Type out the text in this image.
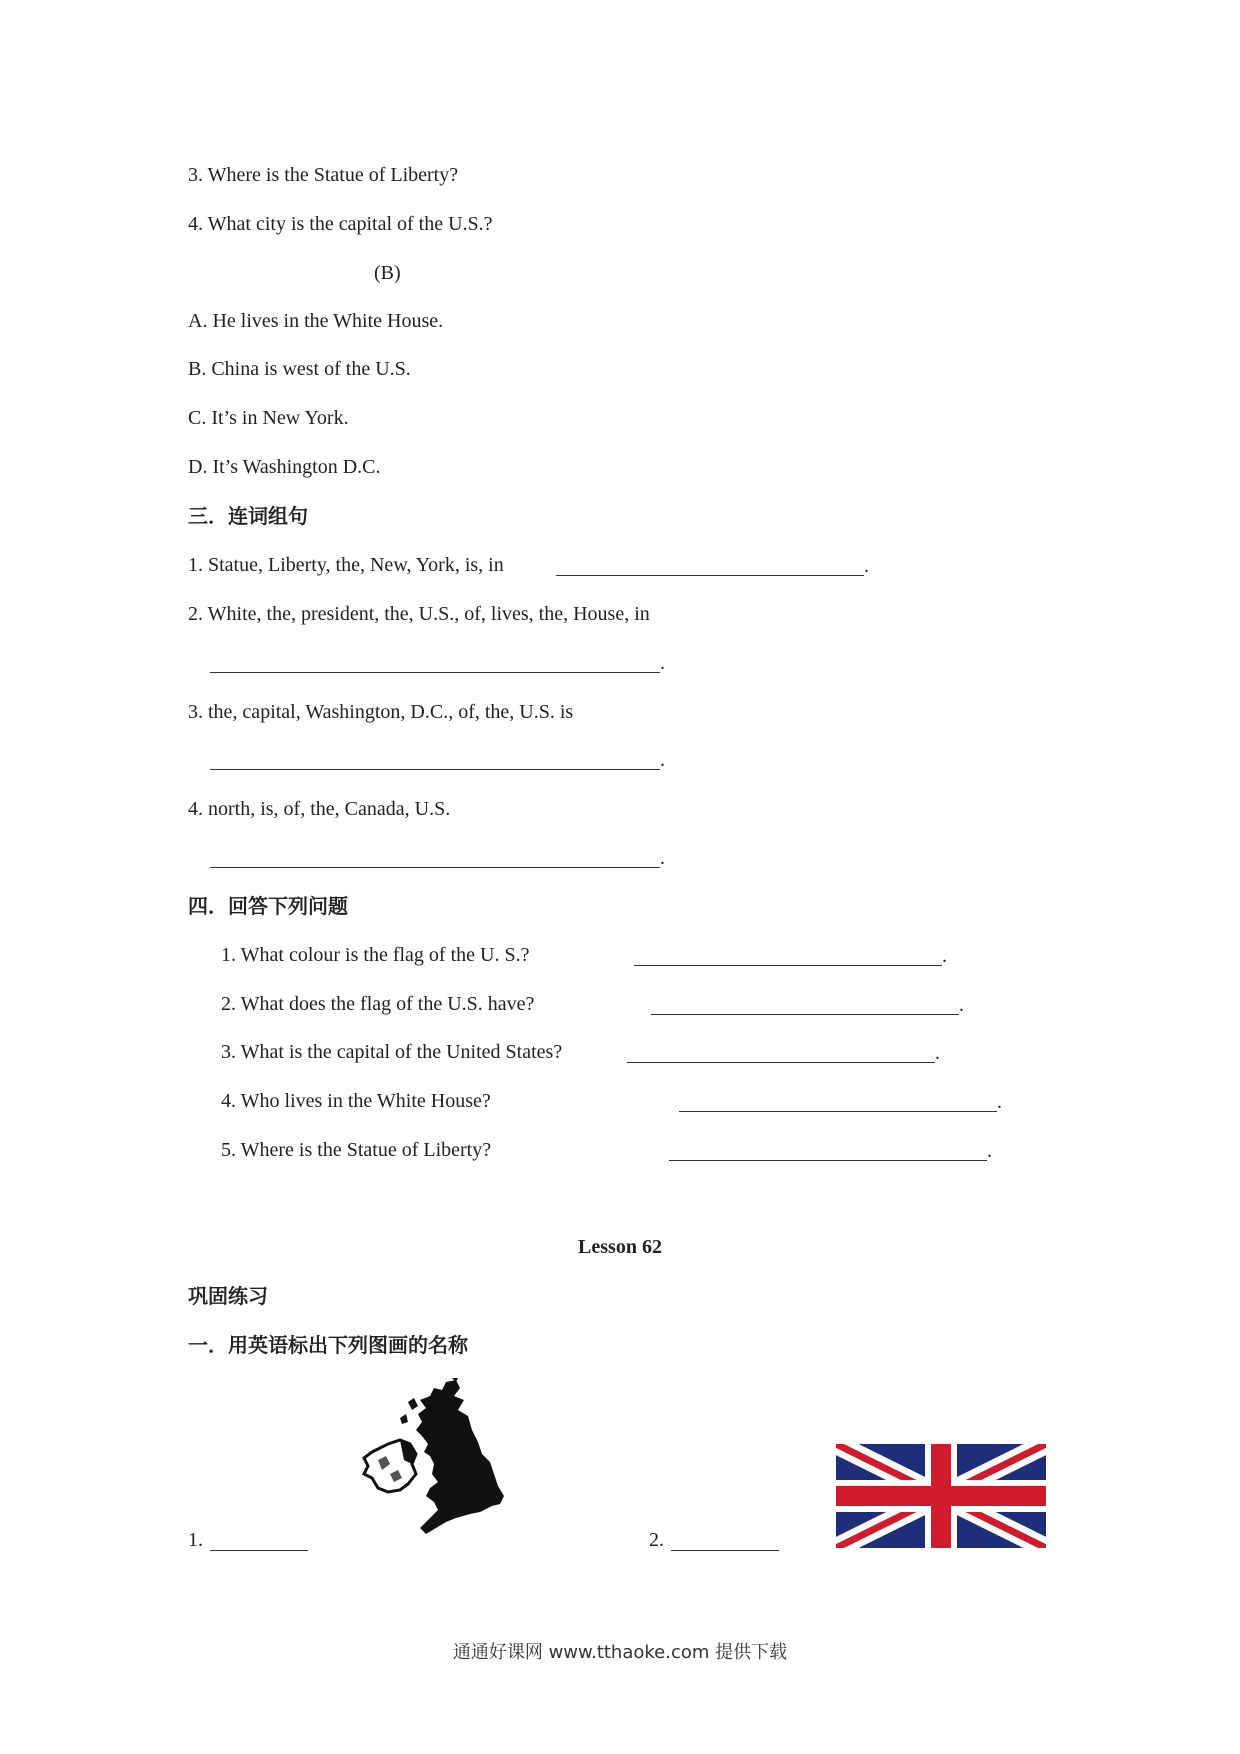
3. Where is the Statue of Liberty?
4. What city is the capital of the U.S.?
(B)
A. He lives in the White House.
B. China is west of the U.S.
C. It’s in New York.
D. It’s Washington D.C.
三．连词组句
1. Statue, Liberty, the, New, York, is, in	.
2. White, the, president, the, U.S., of, lives, the, House, in
.
3. the, capital, Washington, D.C., of, the, U.S. is
.
4. north, is, of, the, Canada, U.S.
.
四．回答下列问题
1. What colour is the flag of the U. S.?	.
2. What does the flag of the U.S. have?	.
3. What is the capital of the United States?	.
4. Who lives in the White House?	.
5. Where is the Statue of Liberty?	.
Lesson 62
巩固练习
一．用英语标出下列图画的名称
1.	2.
通通好课网 www.tthaoke.com 提供下载
